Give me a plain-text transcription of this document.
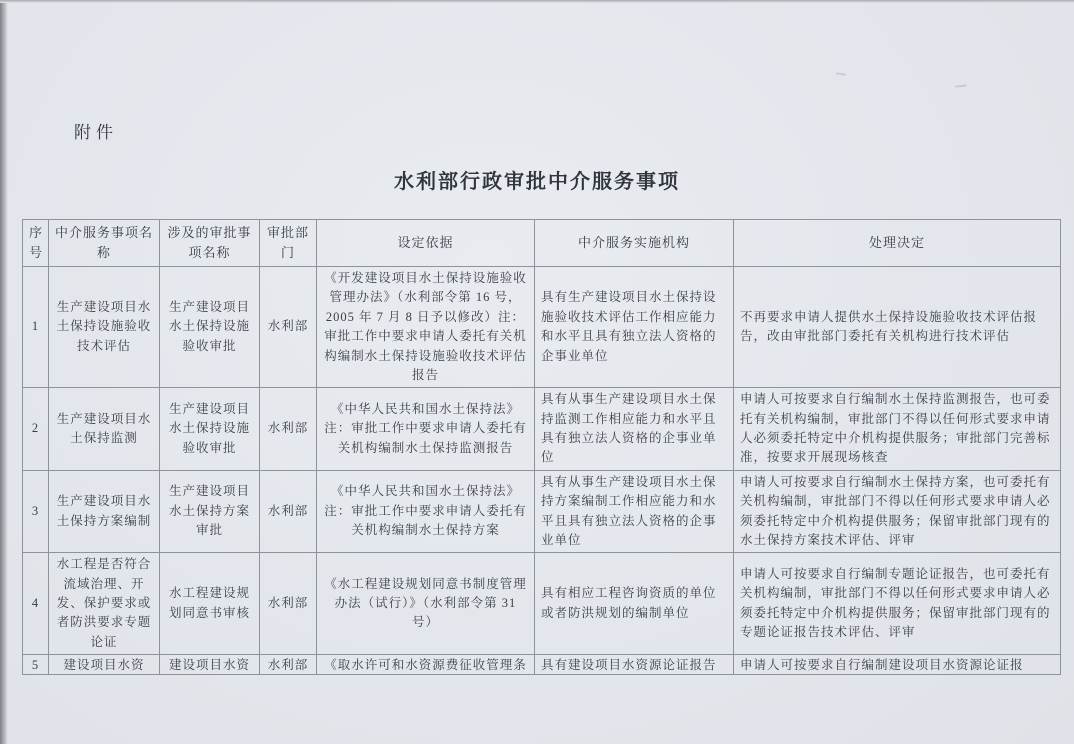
附件
水利部行政审批中介服务事项
序号	中介服务事项名称	涉及的审批事项名称	审批部门	设定依据	中介服务实施机构	处理决定
1	生产建设项目水土保持设施验收技术评估	生产建设项目水土保持设施验收审批	水利部	《开发建设项目水土保持设施验收管理办法》（水利部令第 16 号，2005 年 7 月 8 日予以修改）注：审批工作中要求申请人委托有关机构编制水土保持设施验收技术评估报告	具有生产建设项目水土保持设施验收技术评估工作相应能力和水平且具有独立法人资格的企事业单位	不再要求申请人提供水土保持设施验收技术评估报告，改由审批部门委托有关机构进行技术评估
2	生产建设项目水土保持监测	生产建设项目水土保持设施验收审批	水利部	《中华人民共和国水土保持法》注：审批工作中要求申请人委托有关机构编制水土保持监测报告	具有从事生产建设项目水土保持监测工作相应能力和水平且具有独立法人资格的企事业单位	申请人可按要求自行编制水土保持监测报告，也可委托有关机构编制，审批部门不得以任何形式要求申请人必须委托特定中介机构提供服务；审批部门完善标准，按要求开展现场核查
3	生产建设项目水土保持方案编制	生产建设项目水土保持方案审批	水利部	《中华人民共和国水土保持法》注：审批工作中要求申请人委托有关机构编制水土保持方案	具有从事生产建设项目水土保持方案编制工作相应能力和水平且具有独立法人资格的企事业单位	申请人可按要求自行编制水土保持方案，也可委托有关机构编制，审批部门不得以任何形式要求申请人必须委托特定中介机构提供服务；保留审批部门现有的水土保持方案技术评估、评审
4	水工程是否符合流域治理、开发、保护要求或者防洪要求专题论证	水工程建设规划同意书审核	水利部	《水工程建设规划同意书制度管理办法（试行）》（水利部令第 31 号）	具有相应工程咨询资质的单位或者防洪规划的编制单位	申请人可按要求自行编制专题论证报告，也可委托有关机构编制，审批部门不得以任何形式要求申请人必须委托特定中介机构提供服务；保留审批部门现有的专题论证报告技术评估、评审
5	建设项目水资	建设项目水资	水利部	《取水许可和水资源费征收管理条	具有建设项目水资源论证报告	申请人可按要求自行编制建设项目水资源论证报
